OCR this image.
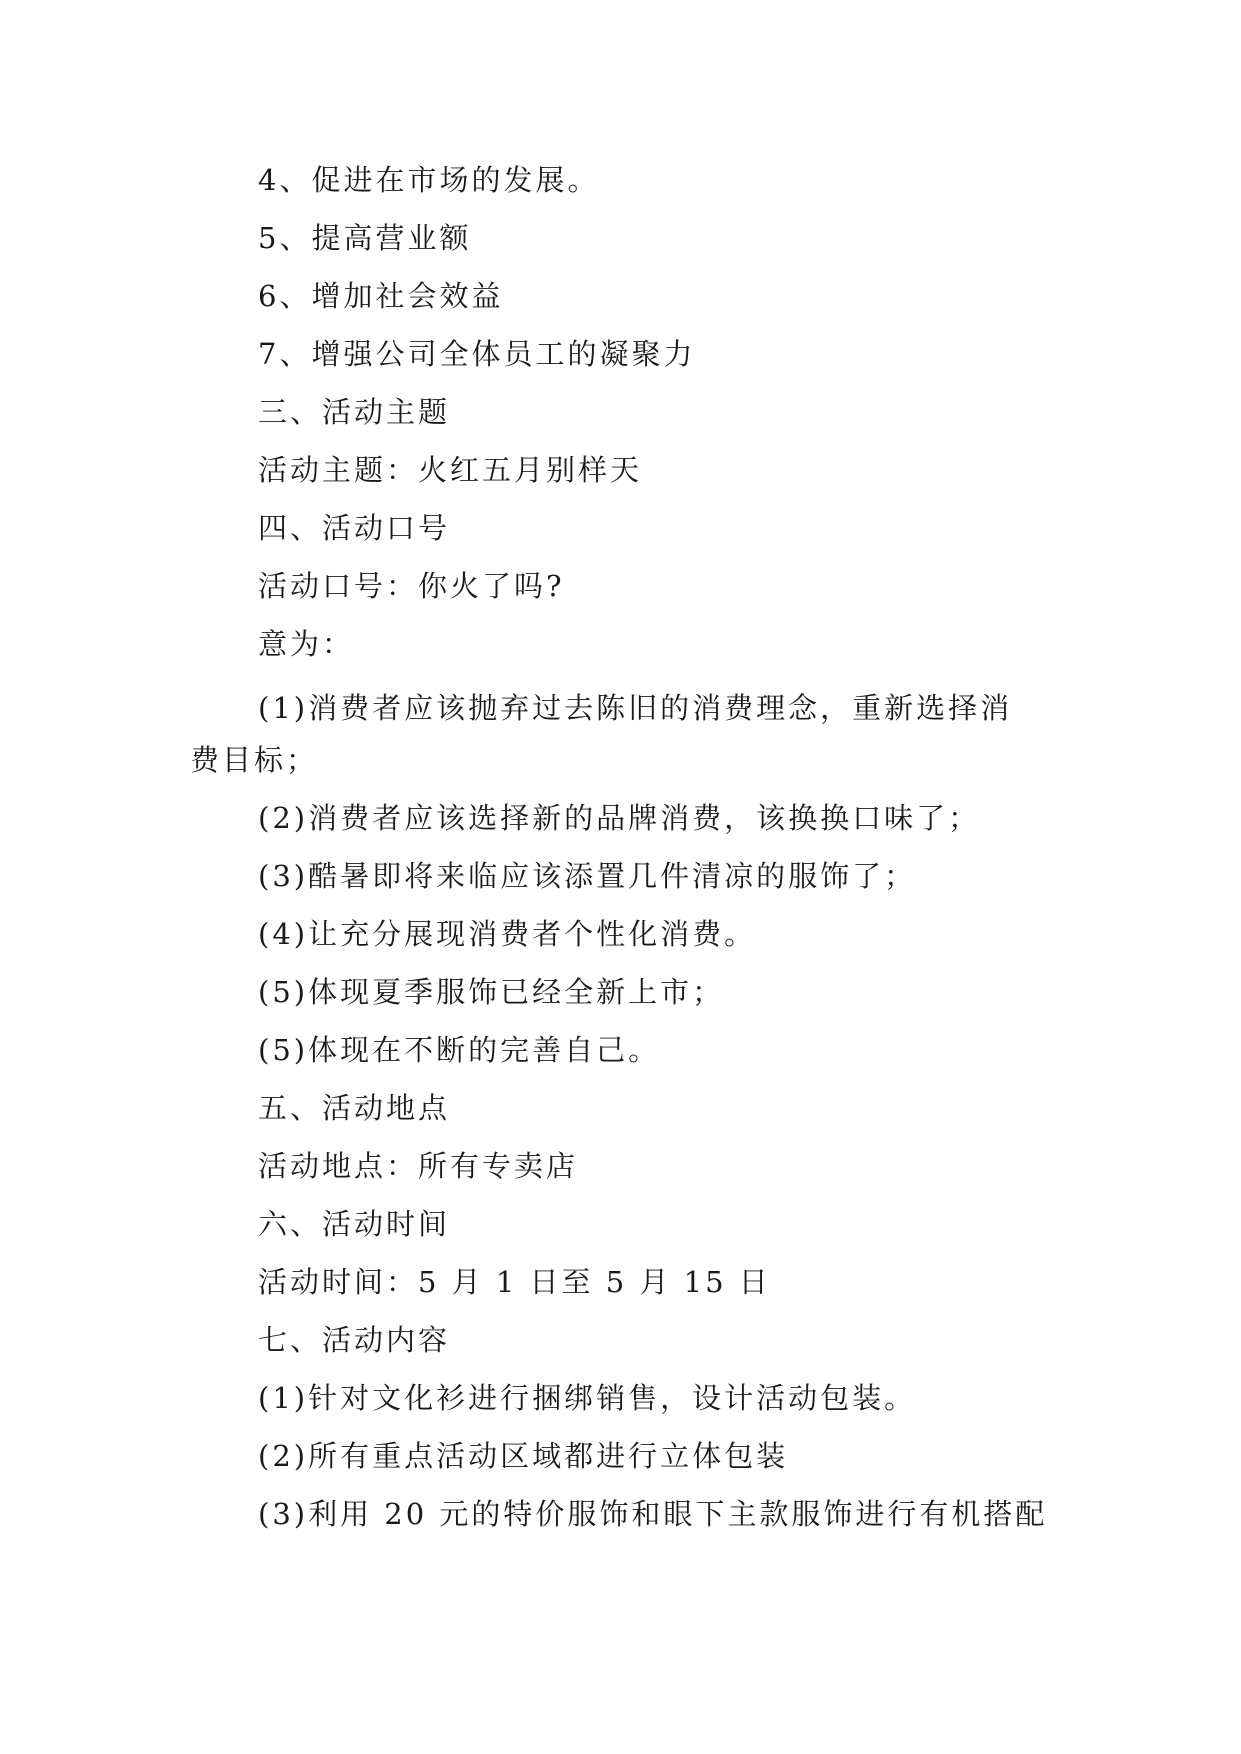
4、促进在市场的发展。
5、提高营业额
6、增加社会效益
7、增强公司全体员工的凝聚力
三、活动主题
活动主题：火红五月别样天
四、活动口号
活动口号：你火了吗?
意为：
(1)消费者应该抛弃过去陈旧的消费理念，重新选择消
费目标；
(2)消费者应该选择新的品牌消费，该换换口味了；
(3)酷暑即将来临应该添置几件清凉的服饰了；
(4)让充分展现消费者个性化消费。
(5)体现夏季服饰已经全新上市；
(5)体现在不断的完善自己。
五、活动地点
活动地点：所有专卖店
六、活动时间
活动时间：5 月 1 日至 5 月 15 日
七、活动内容
(1)针对文化衫进行捆绑销售，设计活动包装。
(2)所有重点活动区域都进行立体包装
(3)利用 20 元的特价服饰和眼下主款服饰进行有机搭配
